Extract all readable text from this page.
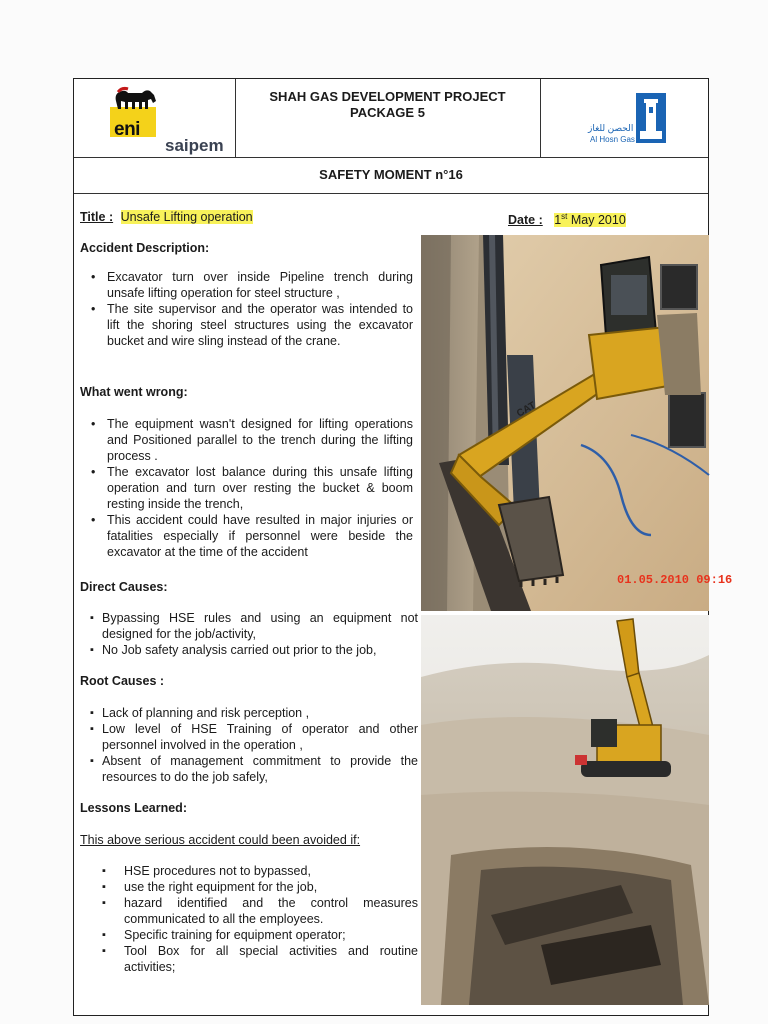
eni
saipem
SHAH GAS DEVELOPMENT PROJECT
PACKAGE 5
الحصن للغاز
Al Hosn Gas
SAFETY MOMENT n°16
Title : Unsafe Lifting operation	Date : 1st May 2010
Accident Description:
• Excavator turn over inside Pipeline trench during unsafe lifting operation for steel structure ,
• The site supervisor and the operator was intended to lift the shoring steel structures using the excavator bucket and wire sling instead of the crane.
What went wrong:
• The equipment wasn't designed for lifting operations and Positioned parallel to the trench during the lifting process .
• The excavator lost balance during this unsafe lifting operation and turn over resting the bucket & boom resting inside the trench,
• This accident could have resulted in major injuries or fatalities especially if personnel were beside the excavator at the time of the accident
Direct Causes:
▪ Bypassing HSE rules and using an equipment not designed for the job/activity,
▪ No Job safety analysis carried out prior to the job,
Root Causes :
▪ Lack of planning and risk perception ,
▪ Low level of HSE Training of operator and other personnel involved in the operation ,
▪ Absent of management commitment to provide the resources to do the job safely,
Lessons Learned:
This above serious accident could been avoided if:
▪ HSE procedures not to bypassed,
▪ use the right equipment for the job,
▪ hazard identified and the control measures communicated to all the employees.
▪ Specific training for equipment operator;
▪ Tool Box for all special activities and routine activities;
CAT
01.05.2010 09:16
